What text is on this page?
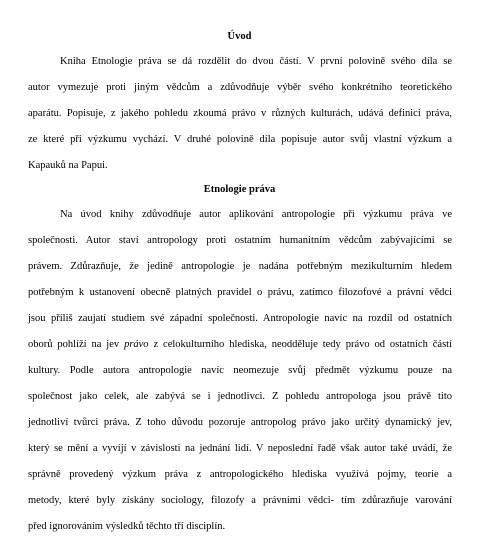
Úvod
Kniha Etnologie práva se dá rozdělit do dvou částí. V první polovině svého díla se
autor vymezuje proti jiným vědcům a zdůvodňuje výběr svého konkrétního teoretického
aparátu. Popisuje, z jakého pohledu zkoumá právo v různých kulturách, udává definici práva,
ze které při výzkumu vychází. V druhé polovině díla popisuje autor svůj vlastní výzkum a
Kapauků na Papui.
Etnologie práva
Na úvod knihy zdůvodňuje autor aplikování antropologie při výzkumu práva ve
společnosti. Autor staví antropology proti ostatním humanitním vědcům zabývajícími se
právem. Zdůrazňuje, že jedině antropologie je nadána potřebným mezikulturním hledem
potřebným k ustanovení obecně platných pravidel o právu, zatímco filozofové a právní vědci
jsou příliš zaujatí studiem své západní společnosti. Antropologie navíc na rozdíl od ostatních
oborů pohlíží na jev právo z celokulturního hlediska, neodděluje tedy právo od ostatních částí
kultury. Podle autora antropologie navíc neomezuje svůj předmět výzkumu pouze na
společnost jako celek, ale zabývá se i jednotlivci. Z pohledu antropologa jsou právě tito
jednotliví tvůrci práva. Z toho důvodu pozoruje antropolog právo jako určitý dynamický jev,
který se mění a vyvíjí v závislosti na jednání lidí. V neposlední řadě však autor také uvádí, že
správně provedený výzkum práva z antropologického hlediska využívá pojmy, teorie a
metody, které byly získány sociology, filozofy a právními vědci- tím zdůrazňuje varování
před ignorováním výsledků těchto tří disciplín.
